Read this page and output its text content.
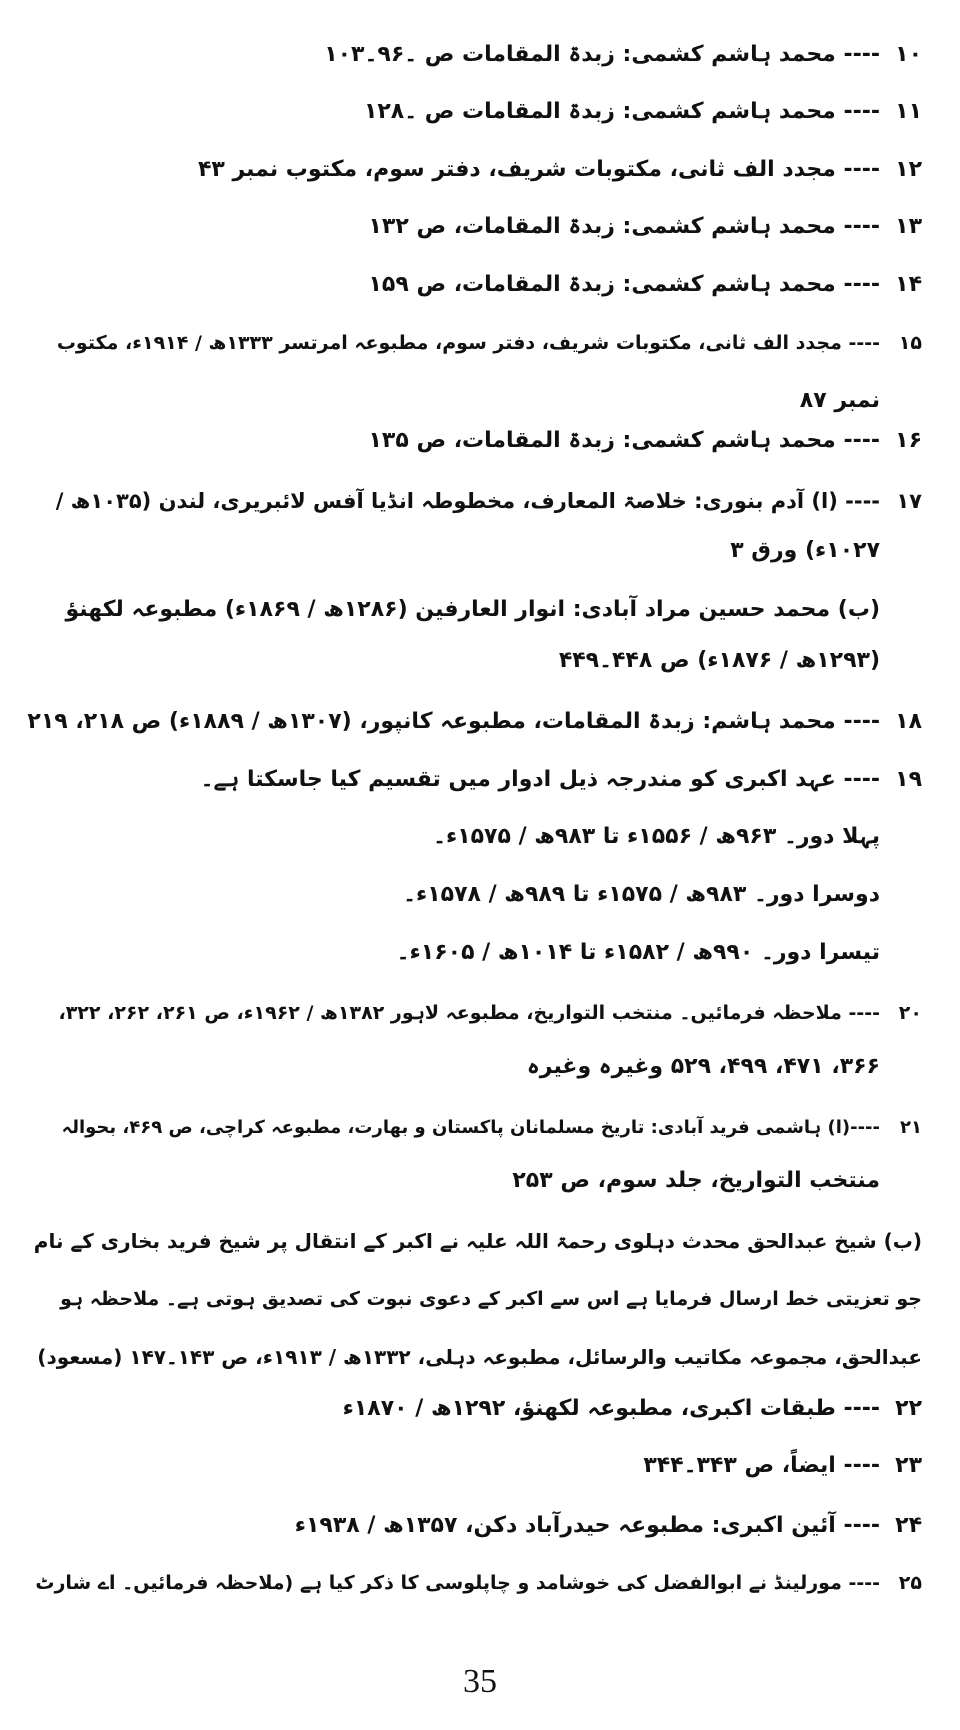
۱۰---- محمد ہاشم کشمی: زبدۃ المقامات ص ۔۹۶۔۱۰۳
۱۱---- محمد ہاشم کشمی: زبدۃ المقامات ص ۔۱۲۸
۱۲---- مجدد الف ثانی، مکتوبات شریف، دفتر سوم، مکتوب نمبر ۴۳
۱۳---- محمد ہاشم کشمی: زبدۃ المقامات، ص ۱۳۲
۱۴---- محمد ہاشم کشمی: زبدۃ المقامات، ص ۱۵۹
۱۵---- مجدد الف ثانی، مکتوبات شریف، دفتر سوم، مطبوعہ امرتسر ۱۳۳۳ھ / ۱۹۱۴ء، مکتوب
نمبر ۸۷
۱۶---- محمد ہاشم کشمی: زبدۃ المقامات، ص ۱۳۵
۱۷---- (ا) آدم بنوری: خلاصۃ المعارف، مخطوطہ انڈیا آفس لائبریری، لندن (۱۰۳۵ھ /
۱۰۲۷ء) ورق ۳
(ب) محمد حسین مراد آبادی: انوار العارفین (۱۲۸۶ھ / ۱۸۶۹ء) مطبوعہ لکھنؤ
(۱۲۹۳ھ / ۱۸۷۶ء) ص ۴۴۸۔۴۴۹
۱۸---- محمد ہاشم: زبدۃ المقامات، مطبوعہ کانپور، (۱۳۰۷ھ / ۱۸۸۹ء) ص ۲۱۸، ۲۱۹
۱۹---- عہد اکبری کو مندرجہ ذیل ادوار میں تقسیم کیا جاسکتا ہے۔
پہلا دور۔ ۹۶۳ھ / ۱۵۵۶ء تا ۹۸۳ھ / ۱۵۷۵ء۔
دوسرا دور۔ ۹۸۳ھ / ۱۵۷۵ء تا ۹۸۹ھ / ۱۵۷۸ء۔
تیسرا دور۔ ۹۹۰ھ / ۱۵۸۲ء تا ۱۰۱۴ھ / ۱۶۰۵ء۔
۲۰---- ملاحظہ فرمائیں۔ منتخب التواریخ، مطبوعہ لاہور ۱۳۸۲ھ / ۱۹۶۲ء، ص ۲۶۱، ۲۶۲، ۳۲۲،
۳۶۶، ۴۷۱، ۴۹۹، ۵۲۹ وغیرہ وغیرہ
۲۱----(ا) ہاشمی فرید آبادی: تاریخ مسلمانان پاکستان و بھارت، مطبوعہ کراچی، ص ۴۶۹، بحوالہ
منتخب التواریخ، جلد سوم، ص ۲۵۳
(ب) شیخ عبدالحق محدث دہلوی رحمۃ اللہ علیہ نے اکبر کے انتقال پر شیخ فرید بخاری کے نام
جو تعزیتی خط ارسال فرمایا ہے اس سے اکبر کے دعوی نبوت کی تصدیق ہوتی ہے۔ ملاحظہ ہو
عبدالحق، مجموعہ مکاتیب والرسائل، مطبوعہ دہلی، ۱۳۳۲ھ / ۱۹۱۳ء، ص ۱۴۳۔۱۴۷ (مسعود)
۲۲---- طبقات اکبری، مطبوعہ لکھنؤ، ۱۲۹۲ھ / ۱۸۷۰ء
۲۳---- ایضاً، ص ۳۴۳۔۳۴۴
۲۴---- آئین اکبری: مطبوعہ حیدرآباد دکن، ۱۳۵۷ھ / ۱۹۳۸ء
۲۵---- مورلینڈ نے ابوالفضل کی خوشامد و چاپلوسی کا ذکر کیا ہے (ملاحظہ فرمائیں۔ اے شارٹ
35
